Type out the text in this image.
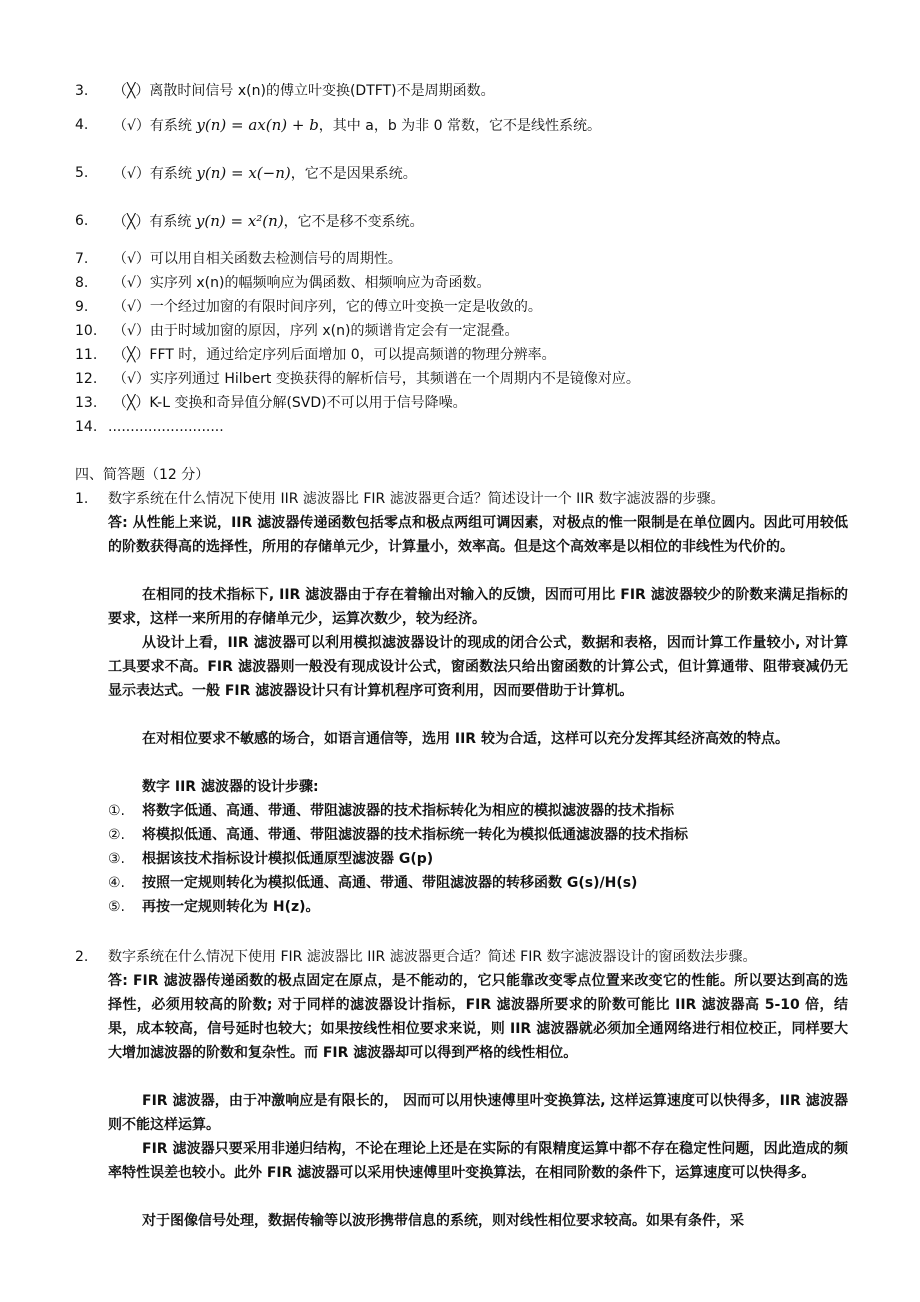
3.	（╳）离散时间信号 x(n)的傅立叶变换(DTFT)不是周期函数。
4.	（√）有系统 y(n) = ax(n) + b，其中 a，b 为非 0 常数，它不是线性系统。
5.	（√）有系统 y(n) = x(−n)，它不是因果系统。
6.	（╳）有系统 y(n) = x²(n)，它不是移不变系统。
7.	（√）可以用自相关函数去检测信号的周期性。
8.	（√）实序列 x(n)的幅频响应为偶函数、相频响应为奇函数。
9.	（√）一个经过加窗的有限时间序列，它的傅立叶变换一定是收敛的。
10.	（√）由于时域加窗的原因，序列 x(n)的频谱肯定会有一定混叠。
11.	（╳）FFT 时，通过给定序列后面增加 0，可以提高频谱的物理分辨率。
12.	（√）实序列通过 Hilbert 变换获得的解析信号，其频谱在一个周期内不是镜像对应。
13.	（╳）K-L 变换和奇异值分解(SVD)不可以用于信号降噪。
14. ..........................
四、简答题（12 分）
1. 数字系统在什么情况下使用 IIR 滤波器比 FIR 滤波器更合适？简述设计一个 IIR 数字滤波器的步骤。
答: 从性能上来说，IIR 滤波器传递函数包括零点和极点两组可调因素，对极点的惟一限制是在单位圆内。因此可用较低的阶数获得高的选择性，所用的存储单元少，计算量小，效率高。但是这个高效率是以相位的非线性为代价的。
在相同的技术指标下, IIR 滤波器由于存在着输出对输入的反馈，因而可用比 FIR 滤波器较少的阶数来满足指标的要求，这样一来所用的存储单元少，运算次数少，较为经济。
从设计上看，IIR 滤波器可以利用模拟滤波器设计的现成的闭合公式，数据和表格，因而计算工作量较小, 对计算工具要求不高。FIR 滤波器则一般没有现成设计公式，窗函数法只给出窗函数的计算公式，但计算通带、阻带衰减仍无显示表达式。一般 FIR 滤波器设计只有计算机程序可资利用，因而要借助于计算机。
在对相位要求不敏感的场合，如语言通信等，选用 IIR 较为合适，这样可以充分发挥其经济高效的特点。
数字 IIR 滤波器的设计步骤:
①. 将数字低通、高通、带通、带阻滤波器的技术指标转化为相应的模拟滤波器的技术指标
②. 将模拟低通、高通、带通、带阻滤波器的技术指标统一转化为模拟低通滤波器的技术指标
③. 根据该技术指标设计模拟低通原型滤波器 G(p)
④. 按照一定规则转化为模拟低通、高通、带通、带阻滤波器的转移函数 G(s)/H(s)
⑤. 再按一定规则转化为 H(z)。
2. 数字系统在什么情况下使用 FIR 滤波器比 IIR 滤波器更合适？简述 FIR 数字滤波器设计的窗函数法步骤。
答: FIR 滤波器传递函数的极点固定在原点，是不能动的，它只能靠改变零点位置来改变它的性能。所以要达到高的选择性，必须用较高的阶数; 对于同样的滤波器设计指标，FIR 滤波器所要求的阶数可能比 IIR 滤波器高 5-10 倍，结果，成本较高，信号延时也较大；如果按线性相位要求来说，则 IIR 滤波器就必须加全通网络进行相位校正，同样要大大增加滤波器的阶数和复杂性。而 FIR 滤波器却可以得到严格的线性相位。
FIR 滤波器，由于冲激响应是有限长的， 因而可以用快速傅里叶变换算法, 这样运算速度可以快得多，IIR 滤波器则不能这样运算。
FIR 滤波器只要采用非递归结构，不论在理论上还是在实际的有限精度运算中都不存在稳定性问题，因此造成的频率特性误差也较小。此外 FIR 滤波器可以采用快速傅里叶变换算法，在相同阶数的条件下，运算速度可以快得多。
对于图像信号处理，数据传输等以波形携带信息的系统，则对线性相位要求较高。如果有条件，采
